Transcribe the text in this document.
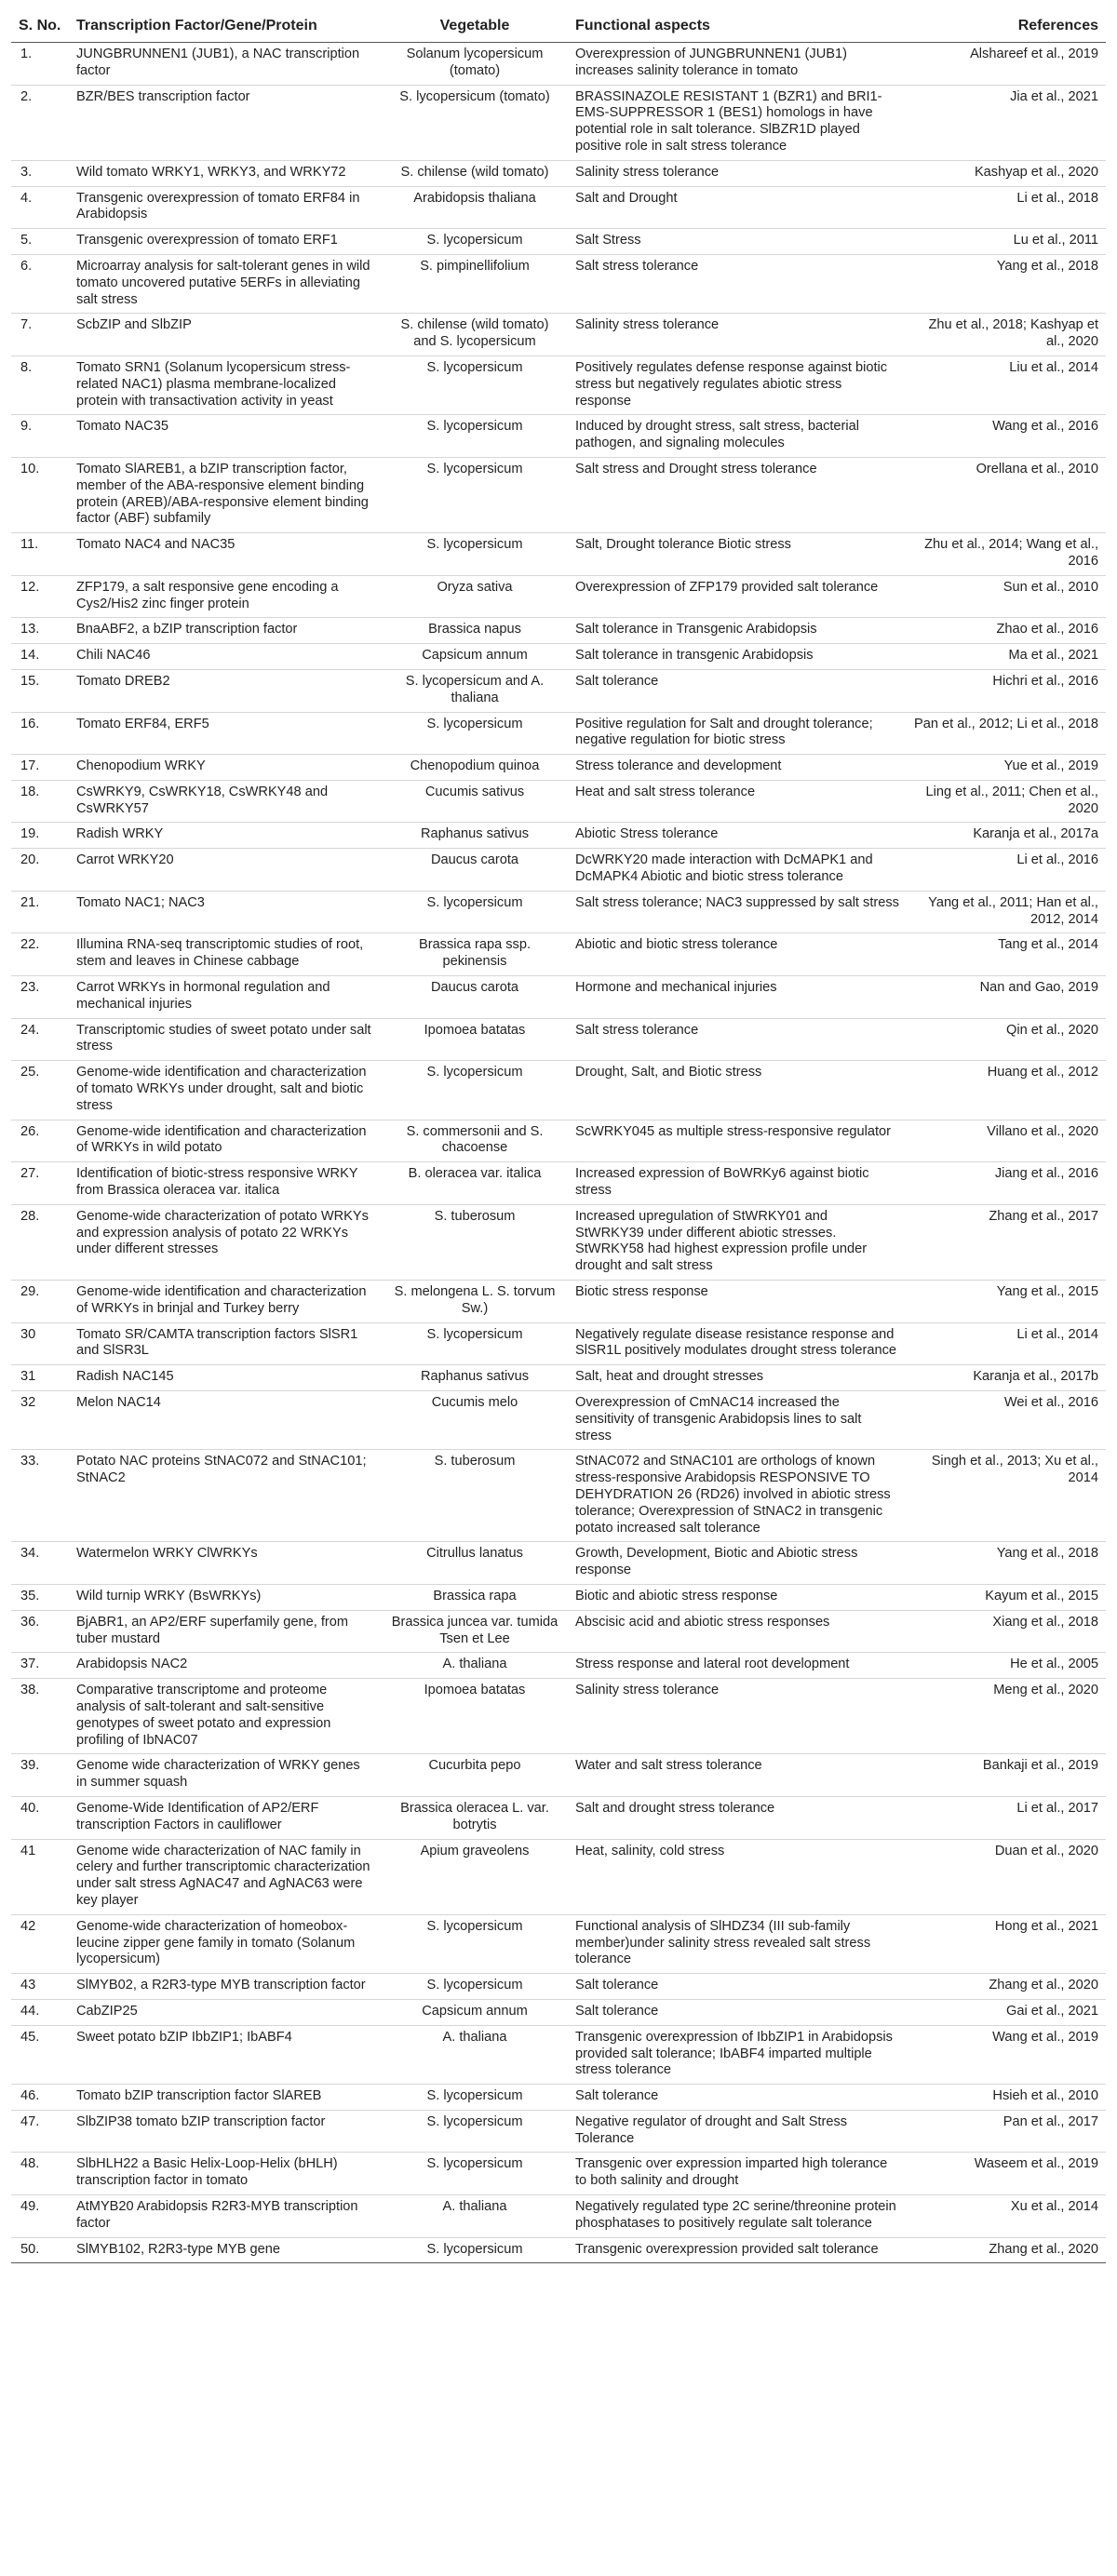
S. No.	Transcription Factor/Gene/Protein	Vegetable	Functional aspects	References
1.	JUNGBRUNNEN1 (JUB1), a NAC transcription factor	Solanum lycopersicum (tomato)	Overexpression of JUNGBRUNNEN1 (JUB1) increases salinity tolerance in tomato	Alshareef et al., 2019
2.	BZR/BES transcription factor	S. lycopersicum (tomato)	BRASSINAZOLE RESISTANT 1 (BZR1) and BRI1-EMS-SUPPRESSOR 1 (BES1) homologs in have potential role in salt tolerance. SlBZR1D played positive role in salt stress tolerance	Jia et al., 2021
3.	Wild tomato WRKY1, WRKY3, and WRKY72	S. chilense (wild tomato)	Salinity stress tolerance	Kashyap et al., 2020
4.	Transgenic overexpression of tomato ERF84 in Arabidopsis	Arabidopsis thaliana	Salt and Drought	Li et al., 2018
5.	Transgenic overexpression of tomato ERF1	S. lycopersicum	Salt Stress	Lu et al., 2011
6.	Microarray analysis for salt-tolerant genes in wild tomato uncovered putative 5ERFs in alleviating salt stress	S. pimpinellifolium	Salt stress tolerance	Yang et al., 2018
7.	ScbZIP and SlbZIP	S. chilense (wild tomato) and S. lycopersicum	Salinity stress tolerance	Zhu et al., 2018; Kashyap et al., 2020
8.	Tomato SRN1 (Solanum lycopersicum stress-related NAC1) plasma membrane-localized protein with transactivation activity in yeast	S. lycopersicum	Positively regulates defense response against biotic stress but negatively regulates abiotic stress response	Liu et al., 2014
9.	Tomato NAC35	S. lycopersicum	Induced by drought stress, salt stress, bacterial pathogen, and signaling molecules	Wang et al., 2016
10.	Tomato SlAREB1, a bZIP transcription factor, member of the ABA-responsive element binding protein (AREB)/ABA-responsive element binding factor (ABF) subfamily	S. lycopersicum	Salt stress and Drought stress tolerance	Orellana et al., 2010
11.	Tomato NAC4 and NAC35	S. lycopersicum	Salt, Drought tolerance Biotic stress	Zhu et al., 2014; Wang et al., 2016
12.	ZFP179, a salt responsive gene encoding a Cys2/His2 zinc finger protein	Oryza sativa	Overexpression of ZFP179 provided salt tolerance	Sun et al., 2010
13.	BnaABF2, a bZIP transcription factor	Brassica napus	Salt tolerance in Transgenic Arabidopsis	Zhao et al., 2016
14.	Chili NAC46	Capsicum annum	Salt tolerance in transgenic Arabidopsis	Ma et al., 2021
15.	Tomato DREB2	S. lycopersicum and A. thaliana	Salt tolerance	Hichri et al., 2016
16.	Tomato ERF84, ERF5	S. lycopersicum	Positive regulation for Salt and drought tolerance; negative regulation for biotic stress	Pan et al., 2012; Li et al., 2018
17.	Chenopodium WRKY	Chenopodium quinoa	Stress tolerance and development	Yue et al., 2019
18.	CsWRKY9, CsWRKY18, CsWRKY48 and CsWRKY57	Cucumis sativus	Heat and salt stress tolerance	Ling et al., 2011; Chen et al., 2020
19.	Radish WRKY	Raphanus sativus	Abiotic Stress tolerance	Karanja et al., 2017a
20.	Carrot WRKY20	Daucus carota	DcWRKY20 made interaction with DcMAPK1 and DcMAPK4 Abiotic and biotic stress tolerance	Li et al., 2016
21.	Tomato NAC1; NAC3	S. lycopersicum	Salt stress tolerance; NAC3 suppressed by salt stress	Yang et al., 2011; Han et al., 2012, 2014
22.	Illumina RNA-seq transcriptomic studies of root, stem and leaves in Chinese cabbage	Brassica rapa ssp. pekinensis	Abiotic and biotic stress tolerance	Tang et al., 2014
23.	Carrot WRKYs in hormonal regulation and mechanical injuries	Daucus carota	Hormone and mechanical injuries	Nan and Gao, 2019
24.	Transcriptomic studies of sweet potato under salt stress	Ipomoea batatas	Salt stress tolerance	Qin et al., 2020
25.	Genome-wide identification and characterization of tomato WRKYs under drought, salt and biotic stress	S. lycopersicum	Drought, Salt, and Biotic stress	Huang et al., 2012
26.	Genome-wide identification and characterization of WRKYs in wild potato	S. commersonii and S. chacoense	ScWRKY045 as multiple stress-responsive regulator	Villano et al., 2020
27.	Identification of biotic-stress responsive WRKY from Brassica oleracea var. italica	B. oleracea var. italica	Increased expression of BoWRKy6 against biotic stress	Jiang et al., 2016
28.	Genome-wide characterization of potato WRKYs and expression analysis of potato 22 WRKYs under different stresses	S. tuberosum	Increased upregulation of StWRKY01 and StWRKY39 under different abiotic stresses. StWRKY58 had highest expression profile under drought and salt stress	Zhang et al., 2017
29.	Genome-wide identification and characterization of WRKYs in brinjal and Turkey berry	S. melongena L. S. torvum Sw.)	Biotic stress response	Yang et al., 2015
30	Tomato SR/CAMTA transcription factors SlSR1 and SlSR3L	S. lycopersicum	Negatively regulate disease resistance response and SlSR1L positively modulates drought stress tolerance	Li et al., 2014
31	Radish NAC145	Raphanus sativus	Salt, heat and drought stresses	Karanja et al., 2017b
32	Melon NAC14	Cucumis melo	Overexpression of CmNAC14 increased the sensitivity of transgenic Arabidopsis lines to salt stress	Wei et al., 2016
33.	Potato NAC proteins StNAC072 and StNAC101; StNAC2	S. tuberosum	StNAC072 and StNAC101 are orthologs of known stress-responsive Arabidopsis RESPONSIVE TO DEHYDRATION 26 (RD26) involved in abiotic stress tolerance; Overexpression of StNAC2 in transgenic potato increased salt tolerance	Singh et al., 2013; Xu et al., 2014
34.	Watermelon WRKY ClWRKYs	Citrullus lanatus	Growth, Development, Biotic and Abiotic stress response	Yang et al., 2018
35.	Wild turnip WRKY (BsWRKYs)	Brassica rapa	Biotic and abiotic stress response	Kayum et al., 2015
36.	BjABR1, an AP2/ERF superfamily gene, from tuber mustard	Brassica juncea var. tumida Tsen et Lee	Abscisic acid and abiotic stress responses	Xiang et al., 2018
37.	Arabidopsis NAC2	A. thaliana	Stress response and lateral root development	He et al., 2005
38.	Comparative transcriptome and proteome analysis of salt-tolerant and salt-sensitive genotypes of sweet potato and expression profiling of IbNAC07	Ipomoea batatas	Salinity stress tolerance	Meng et al., 2020
39.	Genome wide characterization of WRKY genes in summer squash	Cucurbita pepo	Water and salt stress tolerance	Bankaji et al., 2019
40.	Genome-Wide Identification of AP2/ERF transcription Factors in cauliflower	Brassica oleracea L. var. botrytis	Salt and drought stress tolerance	Li et al., 2017
41	Genome wide characterization of NAC family in celery and further transcriptomic characterization under salt stress AgNAC47 and AgNAC63 were key player	Apium graveolens	Heat, salinity, cold stress	Duan et al., 2020
42	Genome-wide characterization of homeobox-leucine zipper gene family in tomato (Solanum lycopersicum)	S. lycopersicum	Functional analysis of SlHDZ34 (III sub-family member)under salinity stress revealed salt stress tolerance	Hong et al., 2021
43	SlMYB02, a R2R3-type MYB transcription factor	S. lycopersicum	Salt tolerance	Zhang et al., 2020
44.	CabZIP25	Capsicum annum	Salt tolerance	Gai et al., 2021
45.	Sweet potato bZIP IbbZIP1; IbABF4	A. thaliana	Transgenic overexpression of IbbZIP1 in Arabidopsis provided salt tolerance; IbABF4 imparted multiple stress tolerance	Wang et al., 2019
46.	Tomato bZIP transcription factor SlAREB	S. lycopersicum	Salt tolerance	Hsieh et al., 2010
47.	SlbZIP38 tomato bZIP transcription factor	S. lycopersicum	Negative regulator of drought and Salt Stress Tolerance	Pan et al., 2017
48.	SlbHLH22 a Basic Helix-Loop-Helix (bHLH) transcription factor in tomato	S. lycopersicum	Transgenic over expression imparted high tolerance to both salinity and drought	Waseem et al., 2019
49.	AtMYB20 Arabidopsis R2R3-MYB transcription factor	A. thaliana	Negatively regulated type 2C serine/threonine protein phosphatases to positively regulate salt tolerance	Xu et al., 2014
50.	SlMYB102, R2R3-type MYB gene	S. lycopersicum	Transgenic overexpression provided salt tolerance	Zhang et al., 2020
